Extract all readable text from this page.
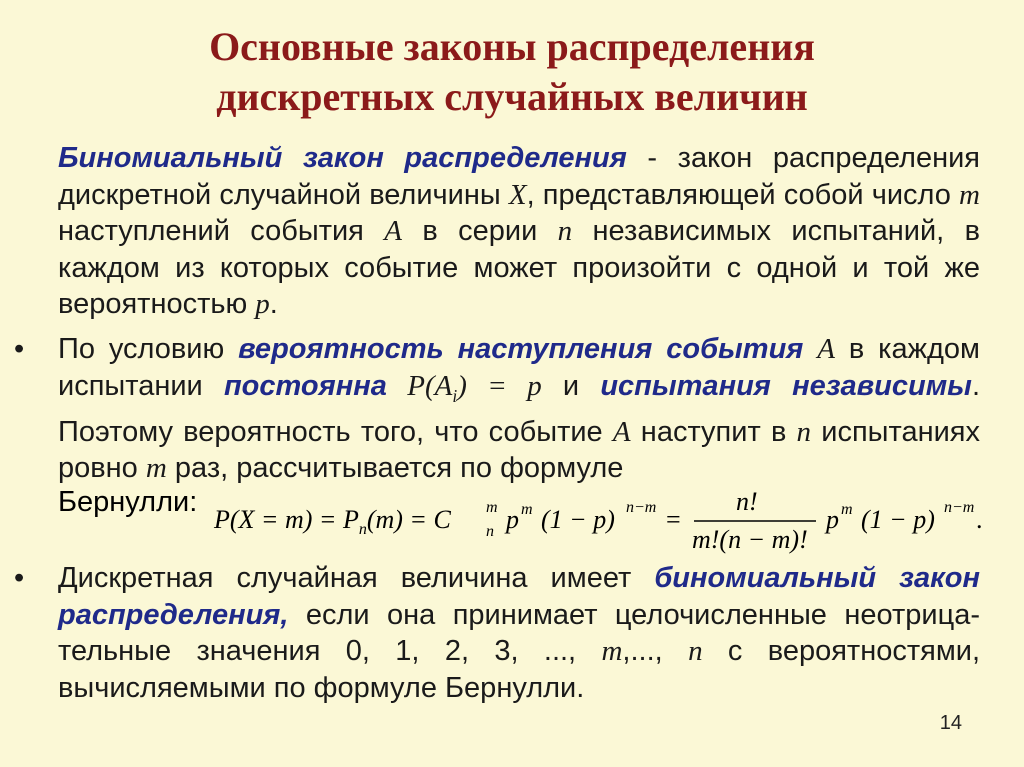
Основные законы распределения
дискретных случайных величин
Биномиальный закон распределения - закон распределения дискретной случайной величины X, представляющей собой число m наступлений события A в серии n независимых испытаний, в каждом из которых событие может произойти с одной и той же вероятностью p.
• По условию вероятность наступления события A в каждом испытании постоянна $P(A_i) = p$ и испытания независимы. Поэтому вероятность того, что событие A наступит в n испытаниях ровно m раз, рассчитывается по формуле
Бернулли:
$P(X = m) = P_n(m) = C$ m
n p m (1 − p) n−m =
n!
m!(n − m)!
p m (1 − p) n−m .
• Дискретная случайная величина имеет биномиальный закон распределения, если она принимает целочисленные неотрица-тельные значения 0, 1, 2, 3, ..., m,..., n с вероятностями, вычисляемыми по формуле Бернулли.
14
